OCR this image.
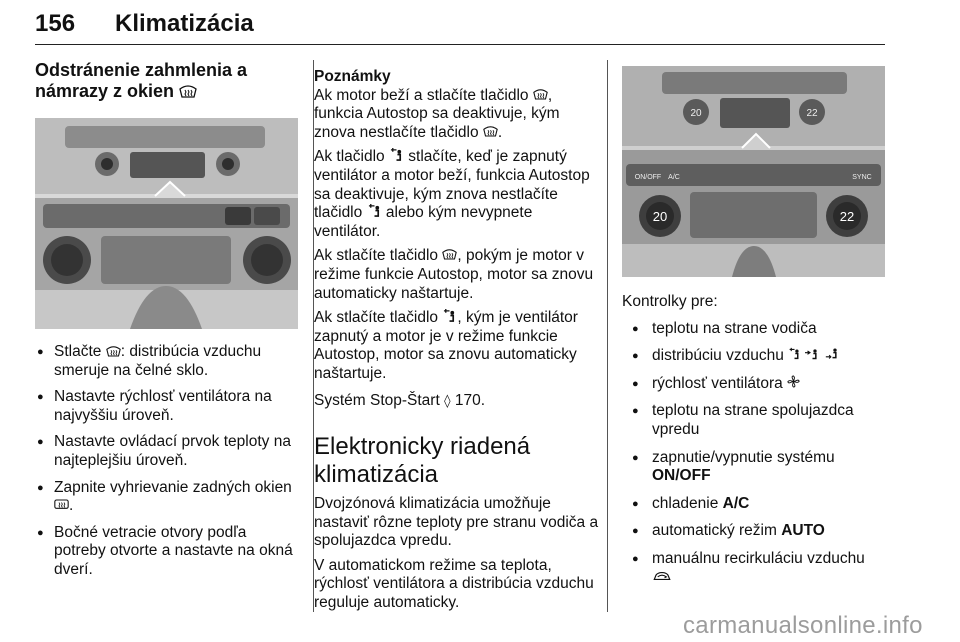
156 Klimatizácia
Odstránenie zahmlenia a
námrazy z okien
● Stlačte : distribúcia vzduchu smeruje na čelné sklo.
● Nastavte rýchlosť ventilátora na najvyššiu úroveň.
● Nastavte ovládací prvok teploty na najteplejšiu úroveň.
● Zapnite vyhrievanie zadných okien .
● Bočné vetracie otvory podľa potreby otvorte a nastavte na okná dverí.
Poznámky

Ak motor beží a stlačíte tlačidlo , funkcia Autostop sa deaktivuje, kým znova nestlačíte tlačidlo .

Ak tlačidlo stlačíte, keď je zapnutý ventilátor a motor beží, funkcia Autostop sa deaktivuje, kým znova nestlačíte tlačidlo alebo kým nevypnete ventilátor.

Ak stlačíte tlačidlo , pokým je motor v režime funkcie Autostop, motor sa znovu automaticky naštartuje.

Ak stlačíte tlačidlo , kým je ventilátor zapnutý a motor je v režime funkcie Autostop, motor sa znovu automaticky naštartuje.

Systém Stop-Štart ◊ 170.

Elektronicky riadená klimatizácia

Dvojzónová klimatizácia umožňuje nastaviť rôzne teploty pre stranu vodiča a spolujazdca vpredu.

V automatickom režime sa teplota, rýchlosť ventilátora a distribúcia vzduchu reguluje automaticky.

20	22
ON/OFF A/C	SYNC
20	22
Kontrolky pre:
● teplotu na strane vodiča
● distribúciu vzduchu
● rýchlosť ventilátora
● teplotu na strane spolujazdca vpredu
● zapnutie/vypnutie systému
ON/OFF
● chladenie A/C
● automatický režim AUTO
● manuálnu recirkuláciu vzduchu

carmanualsonline.info
